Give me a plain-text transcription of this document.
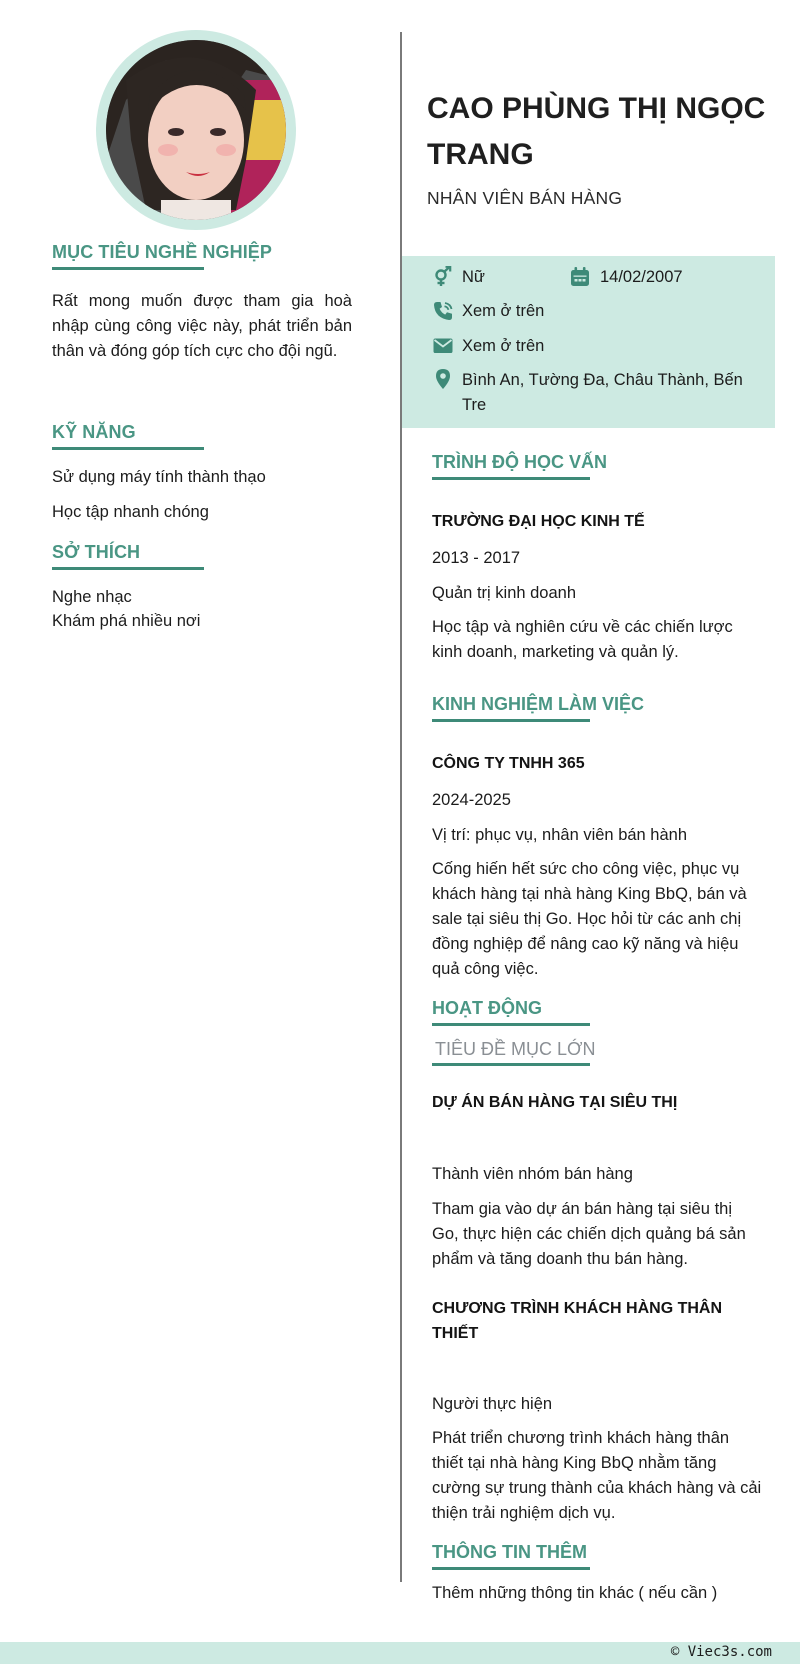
MỤC TIÊU NGHỀ NGHIỆP
Rất mong muốn được tham gia hoà nhập cùng công việc này, phát triển bản thân và đóng góp tích cực cho đội ngũ.
KỸ NĂNG
Sử dụng máy tính thành thạo
Học tập nhanh chóng
SỞ THÍCH
Nghe nhạc
Khám phá nhiều nơi
CAO PHÙNG THỊ NGỌC TRANG
NHÂN VIÊN BÁN HÀNG
Nữ	14/02/2007
Xem ở trên
Xem ở trên
Bình An, Tường Đa, Châu Thành, Bến Tre
TRÌNH ĐỘ HỌC VẤN
TRƯỜNG ĐẠI HỌC KINH TẾ
2013 - 2017
Quản trị kinh doanh
Học tập và nghiên cứu về các chiến lược kinh doanh, marketing và quản lý.
KINH NGHIỆM LÀM VIỆC
CÔNG TY TNHH 365
2024-2025
Vị trí: phục vụ, nhân viên bán hành
Cống hiến hết sức cho công việc, phục vụ khách hàng tại nhà hàng King BbQ, bán và sale tại siêu thị Go. Học hỏi từ các anh chị đồng nghiệp để nâng cao kỹ năng và hiệu quả công việc.
HOẠT ĐỘNG
TIÊU ĐỀ MỤC LỚN
DỰ ÁN BÁN HÀNG TẠI SIÊU THỊ
Thành viên nhóm bán hàng
Tham gia vào dự án bán hàng tại siêu thị Go, thực hiện các chiến dịch quảng bá sản phẩm và tăng doanh thu bán hàng.
CHƯƠNG TRÌNH KHÁCH HÀNG THÂN THIẾT
Người thực hiện
Phát triển chương trình khách hàng thân thiết tại nhà hàng King BbQ nhằm tăng cường sự trung thành của khách hàng và cải thiện trải nghiệm dịch vụ.
THÔNG TIN THÊM
Thêm những thông tin khác ( nếu cần )
© Viec3s.com
